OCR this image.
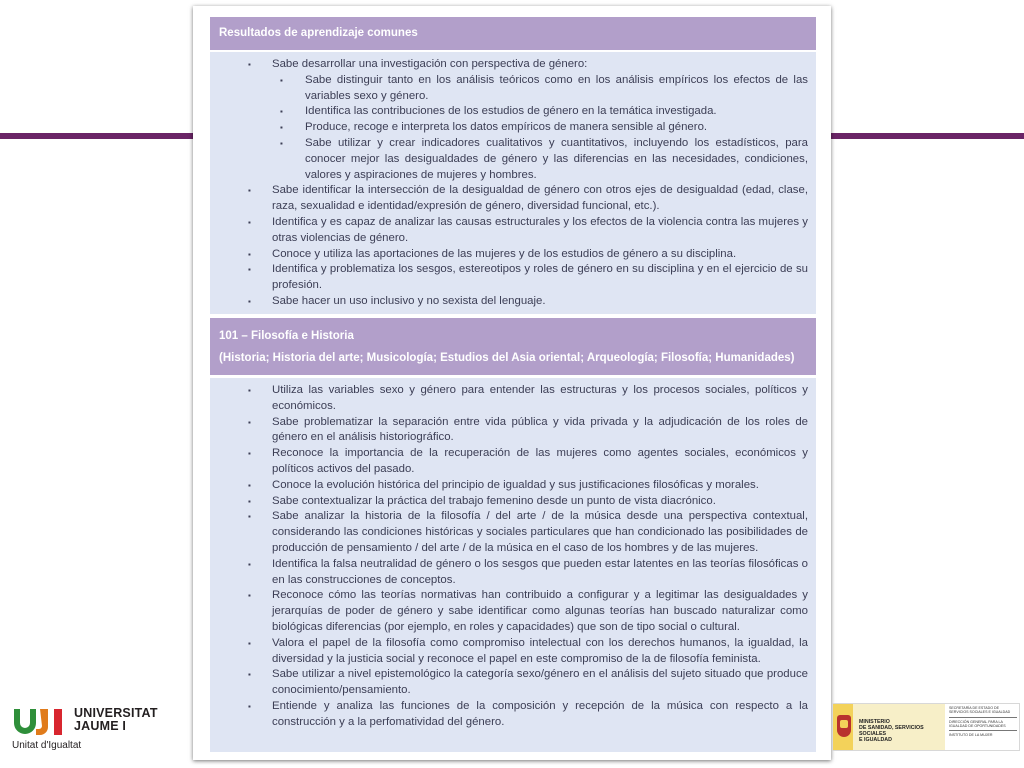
Resultados de aprendizaje comunes

▪ Sabe desarrollar una investigación con perspectiva de género:
▪ Sabe distinguir tanto en los análisis teóricos como en los análisis empíricos los efectos de las variables sexo y género.
▪ Identifica las contribuciones de los estudios de género en la temática investigada.
▪ Produce, recoge e interpreta los datos empíricos de manera sensible al género.
▪ Sabe utilizar y crear indicadores cualitativos y cuantitativos, incluyendo los estadísticos, para conocer mejor las desigualdades de género y las diferencias en las necesidades, condiciones, valores y aspiraciones de mujeres y hombres.
▪ Sabe identificar la intersección de la desigualdad de género con otros ejes de desigualdad (edad, clase, raza, sexualidad e identidad/expresión de género, diversidad funcional, etc.).
▪ Identifica y es capaz de analizar las causas estructurales y los efectos de la violencia contra las mujeres y otras violencias de género.
▪ Conoce y utiliza las aportaciones de las mujeres y de los estudios de género a su disciplina.
▪ Identifica y problematiza los sesgos, estereotipos y roles de género en su disciplina y en el ejercicio de su profesión.
▪ Sabe hacer un uso inclusivo y no sexista del lenguaje.

101 – Filosofía e Historia

(Historia; Historia del arte; Musicología; Estudios del Asia oriental; Arqueología; Filosofía; Humanidades)

▪ Utiliza las variables sexo y género para entender las estructuras y los procesos sociales, políticos y económicos.
▪ Sabe problematizar la separación entre vida pública y vida privada y la adjudicación de los roles de género en el análisis historiográfico.
▪ Reconoce la importancia de la recuperación de las mujeres como agentes sociales, económicos y políticos activos del pasado.
▪ Conoce la evolución histórica del principio de igualdad y sus justificaciones filosóficas y morales.
▪ Sabe contextualizar la práctica del trabajo femenino desde un punto de vista diacrónico.
▪ Sabe analizar la historia de la filosofía / del arte / de la música desde una perspectiva contextual, considerando las condiciones históricas y sociales particulares que han condicionado las posibilidades de producción de pensamiento / del arte / de la música en el caso de los hombres y de las mujeres.
▪ Identifica la falsa neutralidad de género o los sesgos que pueden estar latentes en las teorías filosóficas o en las construcciones de conceptos.
▪ Reconoce cómo las teorías normativas han contribuido a configurar y a legitimar las desigualdades y jerarquías de poder de género y sabe identificar como algunas teorías han buscado naturalizar como biológicas diferencias (por ejemplo, en roles y capacidades) que son de tipo social o cultural.
▪ Valora el papel de la filosofía como compromiso intelectual con los derechos humanos, la igualdad, la diversidad y la justicia social y reconoce el papel en este compromiso de la de filosofía feminista.
▪ Sabe utilizar a nivel epistemológico la categoría sexo/género en el análisis del sujeto situado que produce conocimiento/pensamiento.
▪ Entiende y analiza las funciones de la composición y recepción de la música con respecto a la construcción y a la perfomatividad del género.
UNIVERSITAT
JAUME I
Unitat d'Igualtat
MINISTERIO
DE SANIDAD, SERVICIOS SOCIALES
E IGUALDAD

SECRETARÍA DE ESTADO DE SERVICIOS SOCIALES E IGUALDAD

DIRECCIÓN GENERAL PARA LA IGUALDAD DE OPORTUNIDADES

INSTITUTO DE LA MUJER
